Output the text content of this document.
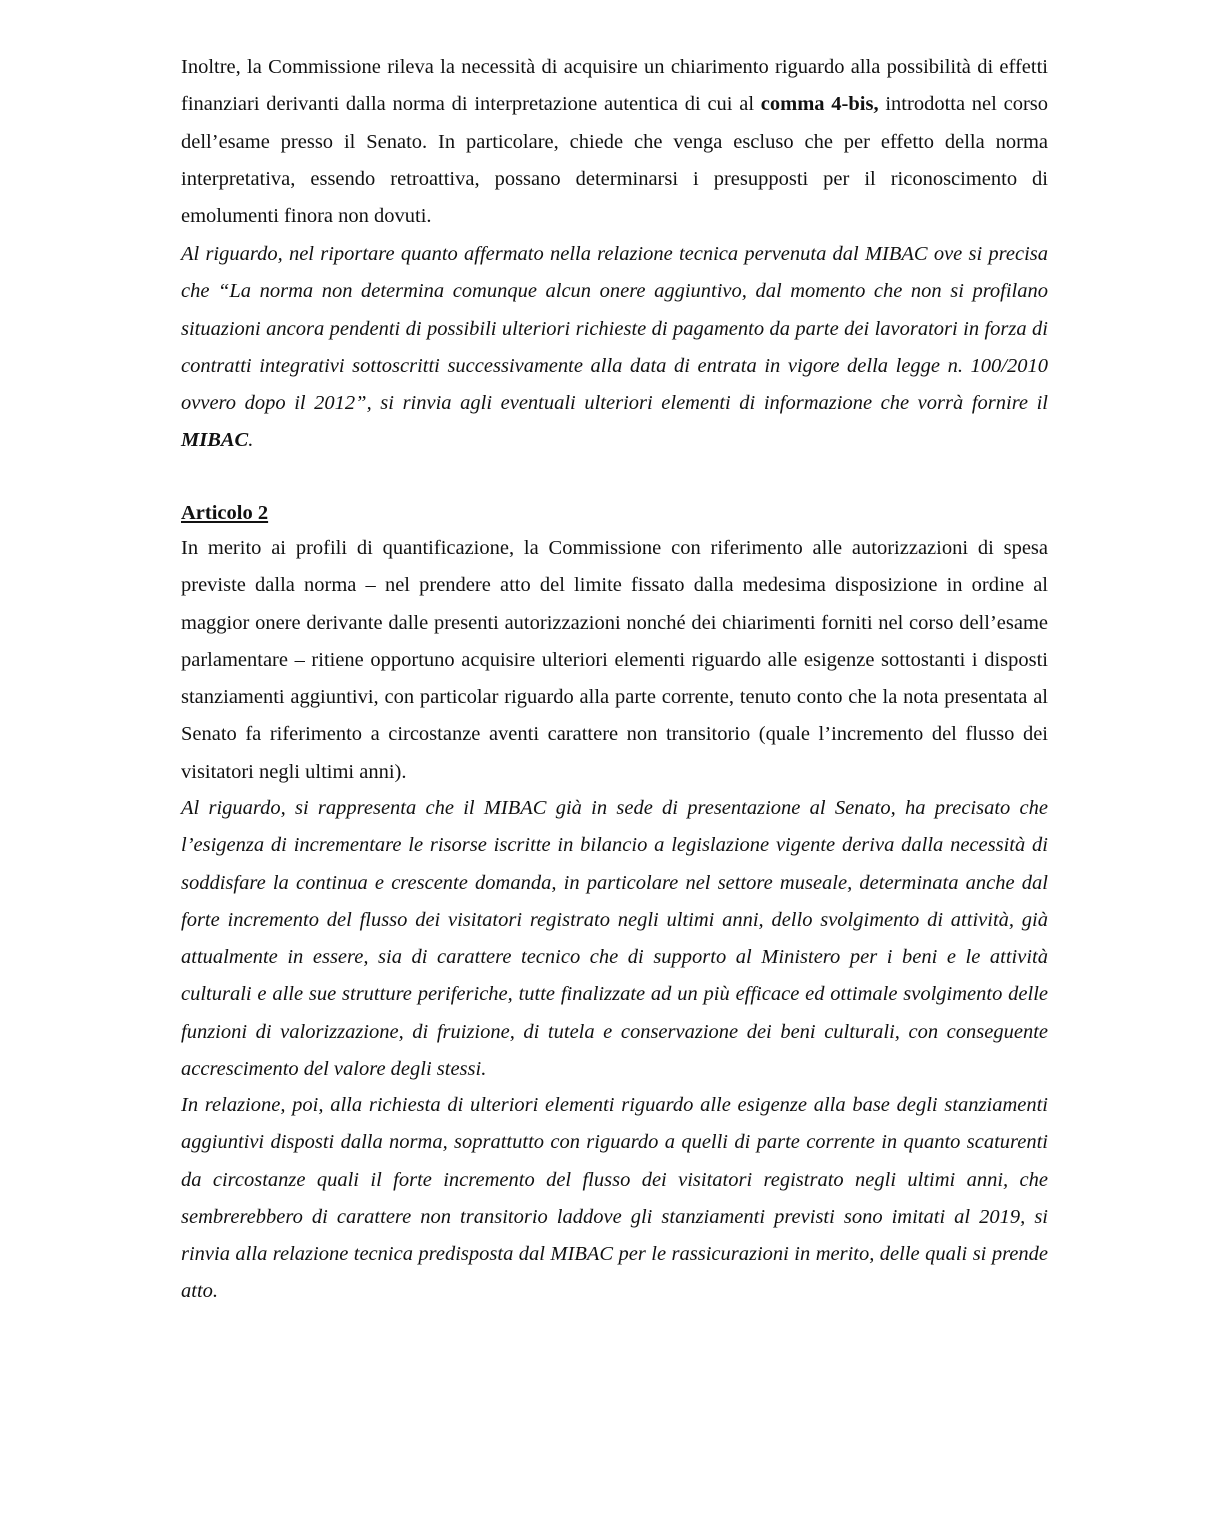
Inoltre, la Commissione rileva la necessità di acquisire un chiarimento riguardo alla possibilità di effetti finanziari derivanti dalla norma di interpretazione autentica di cui al comma 4-bis, introdotta nel corso dell’esame presso il Senato. In particolare, chiede che venga escluso che per effetto della norma interpretativa, essendo retroattiva, possano determinarsi i presupposti per il riconoscimento di emolumenti finora non dovuti.

Al riguardo, nel riportare quanto affermato nella relazione tecnica pervenuta dal MIBAC ove si precisa che “La norma non determina comunque alcun onere aggiuntivo, dal momento che non si profilano situazioni ancora pendenti di possibili ulteriori richieste di pagamento da parte dei lavoratori in forza di contratti integrativi sottoscritti successivamente alla data di entrata in vigore della legge n. 100/2010 ovvero dopo il 2012”, si rinvia agli eventuali ulteriori elementi di informazione che vorrà fornire il MIBAC.

Articolo 2

In merito ai profili di quantificazione, la Commissione con riferimento alle autorizzazioni di spesa previste dalla norma – nel prendere atto del limite fissato dalla medesima disposizione in ordine al maggior onere derivante dalle presenti autorizzazioni nonché dei chiarimenti forniti nel corso dell’esame parlamentare – ritiene opportuno acquisire ulteriori elementi riguardo alle esigenze sottostanti i disposti stanziamenti aggiuntivi, con particolar riguardo alla parte corrente, tenuto conto che la nota presentata al Senato fa riferimento a circostanze aventi carattere non transitorio (quale l’incremento del flusso dei visitatori negli ultimi anni).

Al riguardo, si rappresenta che il MIBAC già in sede di presentazione al Senato, ha precisato che l’esigenza di incrementare le risorse iscritte in bilancio a legislazione vigente deriva dalla necessità di soddisfare la continua e crescente domanda, in particolare nel settore museale, determinata anche dal forte incremento del flusso dei visitatori registrato negli ultimi anni, dello svolgimento di attività, già attualmente in essere, sia di carattere tecnico che di supporto al Ministero per i beni e le attività culturali e alle sue strutture periferiche, tutte finalizzate ad un più efficace ed ottimale svolgimento delle funzioni di valorizzazione, di fruizione, di tutela e conservazione dei beni culturali, con conseguente accrescimento del valore degli stessi.

In relazione, poi, alla richiesta di ulteriori elementi riguardo alle esigenze alla base degli stanziamenti aggiuntivi disposti dalla norma, soprattutto con riguardo a quelli di parte corrente in quanto scaturenti da circostanze quali il forte incremento del flusso dei visitatori registrato negli ultimi anni, che sembrerebbero di carattere non transitorio laddove gli stanziamenti previsti sono imitati al 2019, si rinvia alla relazione tecnica predisposta dal MIBAC per le rassicurazioni in merito, delle quali si prende atto.
